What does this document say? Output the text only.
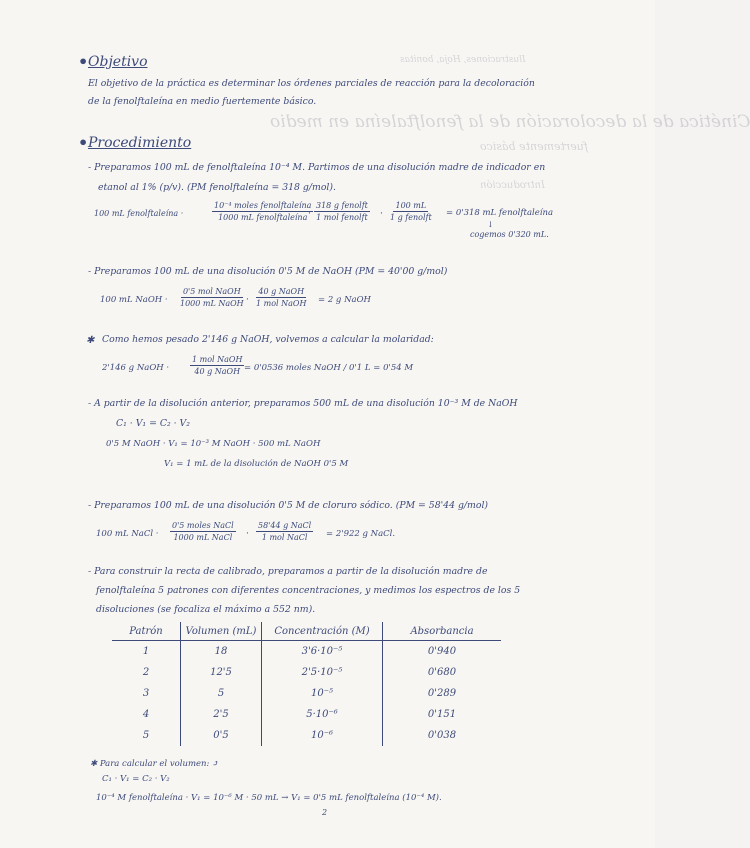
Ilustraciones, Hoja, bonitas
Cinética de la decoloración de la fenolftaleína en medio
fuertemente básico
Introducción
• Objetivo
El objetivo de la práctica es determinar los órdenes parciales de reacción para la decoloración
de la fenolftaleína en medio fuertemente básico.
• Procedimiento
- Preparamos 100 mL de fenolftaleína 10⁻⁴ M. Partimos de una disolución madre de indicador en
etanol al 1% (p/v). (PM fenolftaleína = 318 g/mol).
100 mL fenolftaleína ·
10⁻⁴ moles fenolftaleína
1000 mL fenolftaleína ·
318 g fenolft
1 mol fenolft ·
100 mL
1 g fenolft = 0'318 mL fenolftaleína
↓
cogemos 0'320 mL.
- Preparamos 100 mL de una disolución 0'5 M de NaOH (PM = 40'00 g/mol)
100 mL NaOH ·
0'5 mol NaOH
1000 mL NaOH ·
40 g NaOH
1 mol NaOH = 2 g NaOH
✱ Como hemos pesado 2'146 g NaOH, volvemos a calcular la molaridad:
2'146 g NaOH ·
1 mol NaOH
40 g NaOH = 0'0536 moles NaOH / 0'1 L = 0'54 M
- A partir de la disolución anterior, preparamos 500 mL de una disolución 10⁻³ M de NaOH
C₁ · V₁ = C₂ · V₂
0'5 M NaOH · V₁ = 10⁻³ M NaOH · 500 mL NaOH
V₁ = 1 mL de la disolución de NaOH 0'5 M
- Preparamos 100 mL de una disolución 0'5 M de cloruro sódico. (PM = 58'44 g/mol)
100 mL NaCl ·
0'5 moles NaCl
1000 mL NaCl ·
58'44 g NaCl
1 mol NaCl = 2'922 g NaCl.
- Para construir la recta de calibrado, preparamos a partir de la disolución madre de
fenolftaleína 5 patrones con diferentes concentraciones, y medimos los espectros de los 5
disoluciones (se focaliza el máximo a 552 nm).
Patrón	Volumen (mL)	Concentración (M)	Absorbancia
1	18	3'6·10⁻⁵	0'940
2	12'5	2'5·10⁻⁵	0'680
3	5	10⁻⁵	0'289
4	2'5	5·10⁻⁶	0'151
5	0'5	10⁻⁶	0'038
✱ Para calcular el volumen: ⤴
C₁ · V₁ = C₂ · V₂
10⁻⁴ M fenolftaleína · V₁ = 10⁻⁶ M · 50 mL → V₁ = 0'5 mL fenolftaleína (10⁻⁴ M).
2
